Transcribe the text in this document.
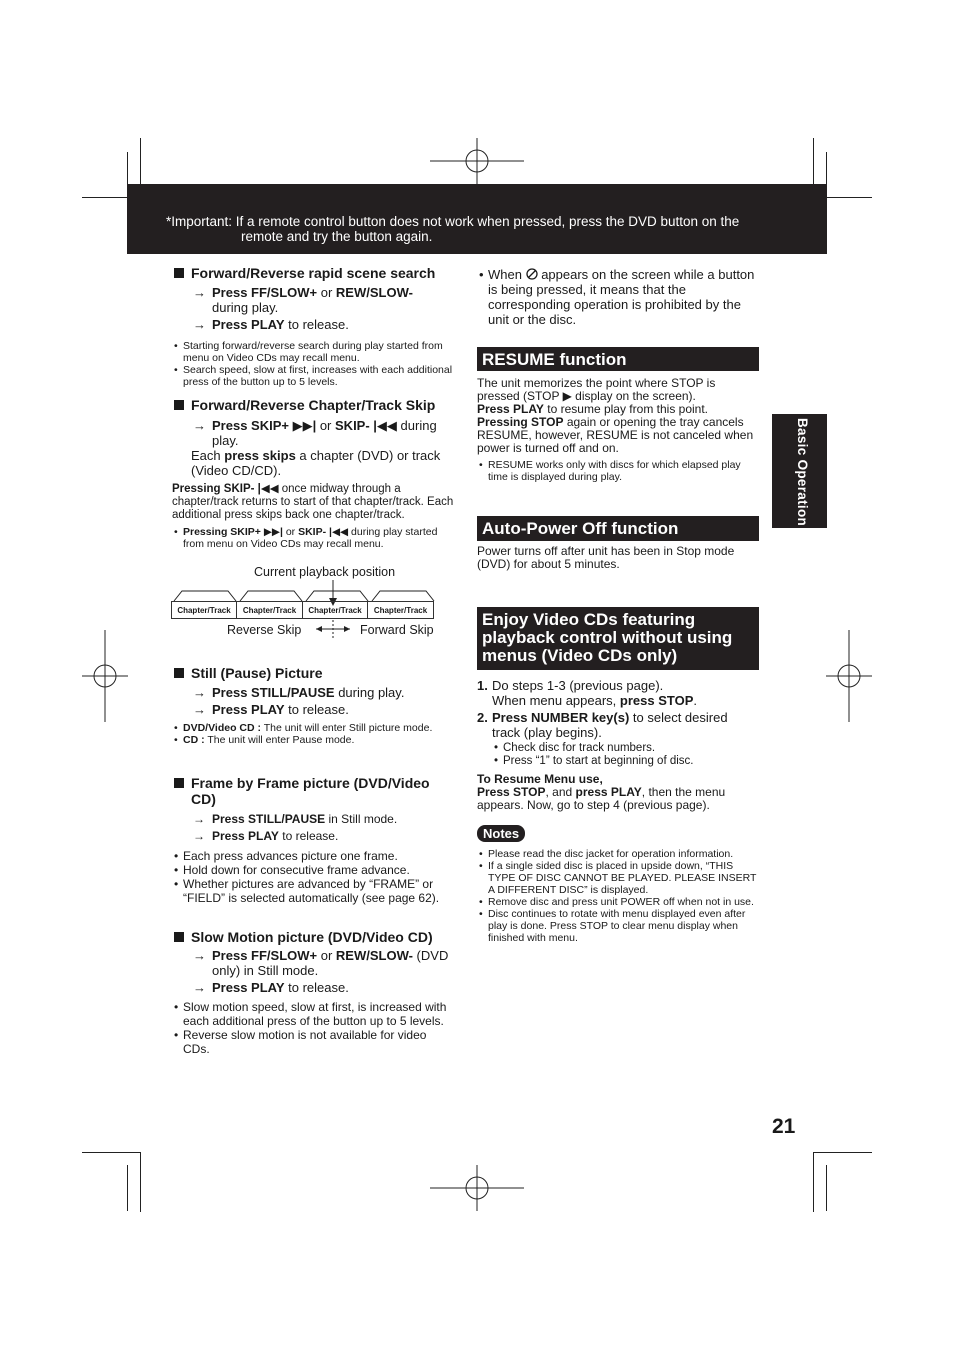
*Important: If a remote control button does not work when pressed, press the DVD button on the
remote and try the button again.
Basic Operation
Forward/Reverse rapid scene search
→ Press FF/SLOW+ or REW/SLOW-
during play.
→ Press PLAY to release.
• Starting forward/reverse search during play started from menu on Video CDs may recall menu.
• Search speed, slow at first, increases with each additional press of the button up to 5 levels.
Forward/Reverse Chapter/Track Skip
→ Press SKIP+ ▶▶| or SKIP- |◀◀ during play.
Each press skips a chapter (DVD) or track (Video CD/CD).
Pressing SKIP- |◀◀ once midway through a chapter/track returns to start of that chapter/track. Each additional press skips back one chapter/track.
• Pressing SKIP+ ▶▶| or SKIP- |◀◀ during play started from menu on Video CDs may recall menu.
Current playback position
Chapter/Track	Chapter/Track	Chapter/Track	Chapter/Track
Reverse Skip	Forward Skip
Still (Pause) Picture
→ Press STILL/PAUSE during play.
→ Press PLAY to release.
• DVD/Video CD : The unit will enter Still picture mode.
• CD : The unit will enter Pause mode.
Frame by Frame picture (DVD/Video CD)
→ Press STILL/PAUSE in Still mode.
→ Press PLAY to release.
• Each press advances picture one frame.
• Hold down for consecutive frame advance.
• Whether pictures are advanced by “FRAME” or “FIELD” is selected automatically (see page 62).
Slow Motion picture (DVD/Video CD)
→ Press FF/SLOW+ or REW/SLOW- (DVD only) in Still mode.
→ Press PLAY to release.
• Slow motion speed, slow at first, is increased with each additional press of the button up to 5 levels.
• Reverse slow motion is not available for video CDs.
• When  appears on the screen while a button is being pressed, it means that the corresponding operation is prohibited by the unit or the disc.
RESUME function
The unit memorizes the point where STOP is pressed (STOP ▶ display on the screen).
Press PLAY to resume play from this point.
Pressing STOP again or opening the tray cancels RESUME, however, RESUME is not canceled when power is turned off and on.
• RESUME works only with discs for which elapsed play time is displayed during play.
Auto-Power Off function
Power turns off after unit has been in Stop mode (DVD) for about 5 minutes.
Enjoy Video CDs featuring playback control without using menus (Video CDs only)
1. Do steps 1-3 (previous page).
When menu appears, press STOP.
2. Press NUMBER key(s) to select desired track (play begins).
• Check disc for track numbers.
• Press “1” to start at beginning of disc.
To Resume Menu use,
Press STOP, and press PLAY, then the menu appears. Now, go to step 4 (previous page).
Notes
• Please read the disc jacket for operation information.
• If a single sided disc is placed in upside down, “THIS TYPE OF DISC CANNOT BE PLAYED. PLEASE INSERT A DIFFERENT DISC” is displayed.
• Remove disc and press unit POWER off when not in use.
• Disc continues to rotate with menu displayed even after play is done. Press STOP to clear menu display when finished with menu.
21
